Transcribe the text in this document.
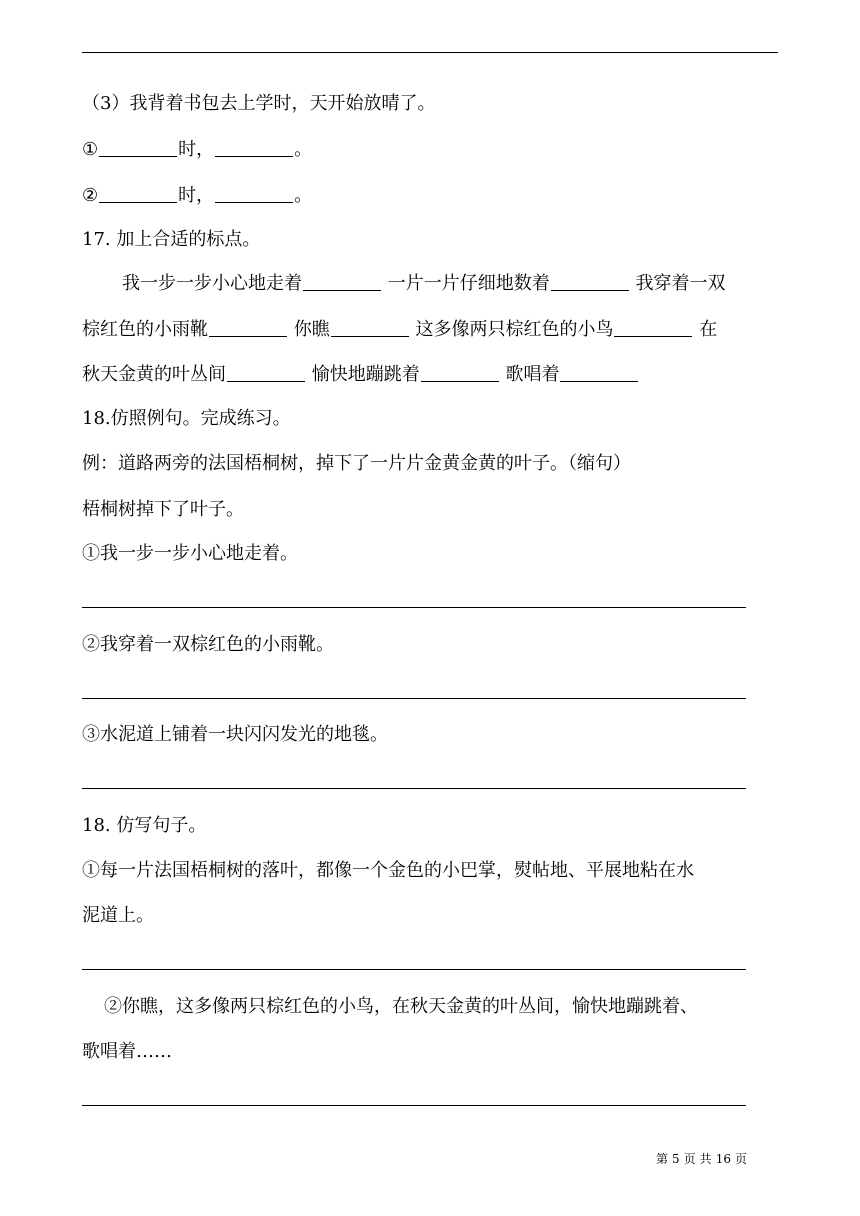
（3）我背着书包去上学时，天开始放晴了。
①	时，	。
②	时，	。
17. 加上合适的标点。
我一步一步小心地走着	一片一片仔细地数着	我穿着一双
棕红色的小雨靴	你瞧	这多像两只棕红色的小鸟	在
秋天金黄的叶丛间	愉快地蹦跳着	歌唱着
18.仿照例句。完成练习。
例：道路两旁的法国梧桐树，掉下了一片片金黄金黄的叶子。（缩句）
梧桐树掉下了叶子。
①我一步一步小心地走着。
②我穿着一双棕红色的小雨靴。
③水泥道上铺着一块闪闪发光的地毯。
18. 仿写句子。
①每一片法国梧桐树的落叶，都像一个金色的小巴掌，熨帖地、平展地粘在水
泥道上。
②你瞧，这多像两只棕红色的小鸟，在秋天金黄的叶丛间，愉快地蹦跳着、
歌唱着……
第 5 页 共 16 页
